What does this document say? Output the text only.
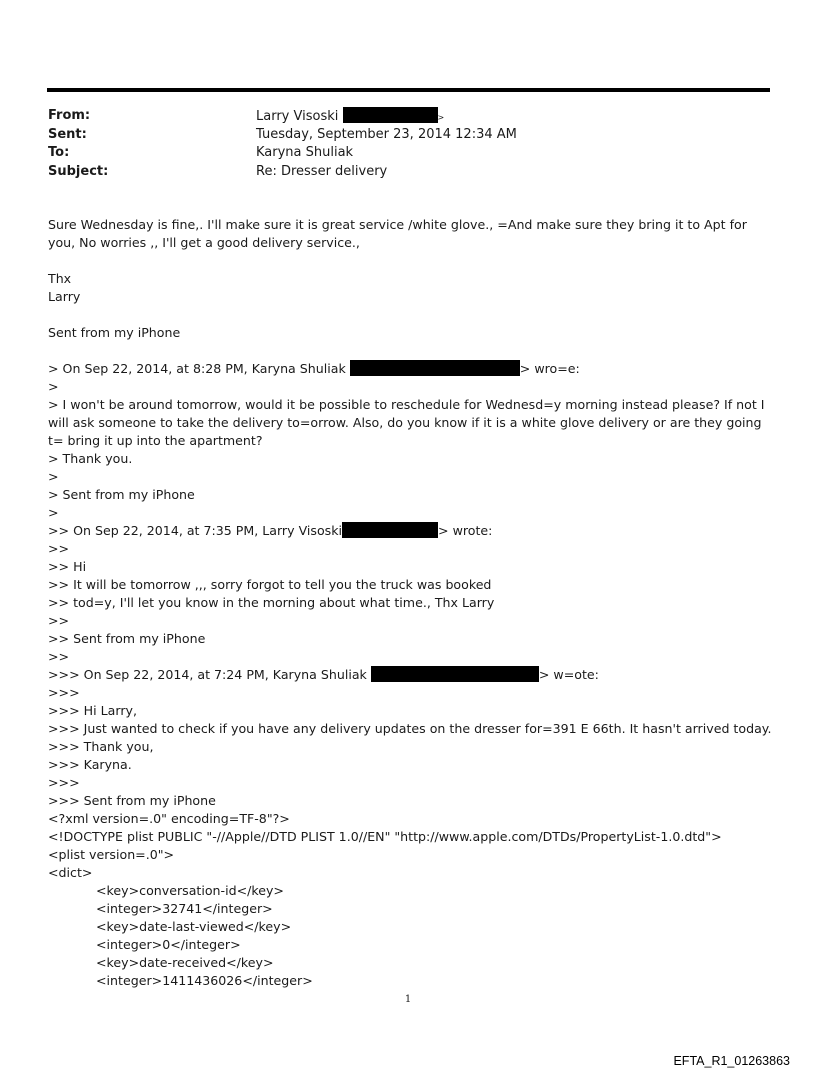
From:	Larry Visoski	>
Sent:	Tuesday, September 23, 2014 12:34 AM
To:	Karyna Shuliak
Subject:	Re: Dresser delivery
Sure Wednesday is fine,. I'll make sure it is great service /white glove., =And make sure they bring it to Apt for you, No worries ,, I'll get a good delivery service.,
Thx
Larry
Sent from my iPhone
> On Sep 22, 2014, at 8:28 PM, Karyna Shuliak	> wro=e:
>
> I won't be around tomorrow, would it be possible to reschedule for Wednesd=y morning instead please? If not I will ask someone to take the delivery to=orrow. Also, do you know if it is a white glove delivery or are they going t= bring it up into the apartment?
> Thank you.
>
> Sent from my iPhone
>
>> On Sep 22, 2014, at 7:35 PM, Larry Visoski	> wrote:
>>
>> Hi
>> It will be tomorrow ,,, sorry forgot to tell you the truck was booked
>> tod=y, I'll let you know in the morning about what time., Thx Larry
>>
>> Sent from my iPhone
>>
>>> On Sep 22, 2014, at 7:24 PM, Karyna Shuliak	> w=ote:
>>>
>>> Hi Larry,
>>> Just wanted to check if you have any delivery updates on the dresser for=391 E 66th. It hasn't arrived today.
>>> Thank you,
>>> Karyna.
>>>
>>> Sent from my iPhone
<?xml version=.0" encoding=TF-8"?>
<!DOCTYPE plist PUBLIC "-//Apple//DTD PLIST 1.0//EN" "http://www.apple.com/DTDs/PropertyList-1.0.dtd">
<plist version=.0">
<dict>
<key>conversation-id</key>
<integer>32741</integer>
<key>date-last-viewed</key>
<integer>0</integer>
<key>date-received</key>
<integer>1411436026</integer>
1
EFTA_R1_01263863
